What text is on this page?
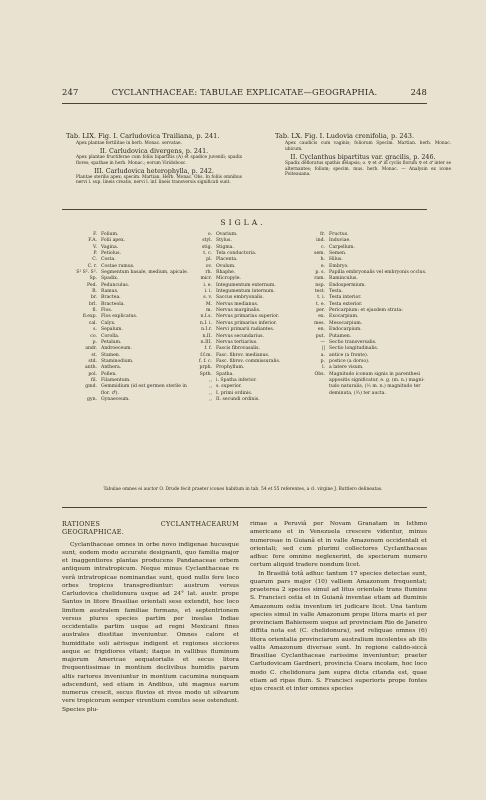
247	CYCLANTHACEAE: TABULAE EXPLICATAE—GEOGRAPHIA.	248
Tab. LIX. Fig. I. Carludovica Trailiana, p. 241.
Apex plantae fertilitae in herb. Monac. servatae.
II. Carludovica divergens, p. 241.
Apex plantae fructiferae cum foliis bipartitis (A) et spadice juvenili; spadix flores; spathae in herb. Monac.; eorum Viridobosc.
III. Carludovica heterophylla, p. 242.
Plantae sterilis apex; specim. Martian. Herb. Monac. Obs. In foliis omnibus nervi l. sup. lineis creatis, nervi l. inf. lineis transversis significati sunt.
Tab. LX. Fig. I. Ludovia crenifolia, p. 243.
Apex caudicis cum vaginis; foliorum Specim. Martian. herb. Monac. ubicum.
II. Cyclanthus bipartitus var. gracilis, p. 246.
Spadix defloratus spathis delapsis; o. ♀ et ♂ in cyclis florum ♀ et ♂ inter se alternantes; folium; specim. mus. herb. Monac. — Analysin ex icone Poiteauana.
SIGLA.
F. Folium.
F.A. Folii apex.
V. Vagina.
P. Petiolus.
C. Costa.
C. r. Costae ramus.
S¹ S². S³. Segmentum basale, medium, apicale.
Sp. Spadix.
Ped. Pedunculus.
R. Ramus.
br. Bractea.
brl. Bracteola.
fl. Flos.
fl.exp. Flos explicatus.
cal. Calyx.
s. Sepalum.
co. Corolla.
p. Petalum.
andr. Androeceum.
st. Stamen.
std. Staminodium.
anth. Anthera.
pol. Pollen.
fil. Filamentum.
gmd. Gemmidium (id est germen sterile in
flor. ♂).
gyn. Gynaeceum.
o. Ovarium.
styl. Stylus.
stig. Stigma.
t. c. Tela conductoria.
pl. Placenta.
ov. Ovulum.
rh. Rhaphe.
micr. Micropyle.
i. e. Integumentum externum.
i. i. Integumentum internum.
s. v. Saccus embryonalis.
M. Nervus medianus.
m. Nervus marginalis.
n.I.s. Nervus primarius superior.
n.I. i. Nervus primarius inferior.
n.I.r. Nervi primarii radiantes.
n.II. Nervus secundarius.
n.III. Nervus tertiarius.
f. f. Fascis fibrovasalis.
f.f.m. Fasc. fibrov. medianus.
f. f. c. Fasc. fibrov. commissuralis.
prph. Prophyllum.
Spth. Spatha.
,, i. Spatha inferior.
,, s. superior.
,, I. primi ordinis.
,, II. secundi ordinis.
fr. Fructus.
ind. Induviae.
c. Carpellum.
sem. Semen.
h. Hilus.
e. Embryo.
p. s. Papilla embryonalis vel embryonis occlus.
ram. Raminculus.
nsp. Endospermium.
test. Testa.
t. i. Testa interior.
t. e. Testa exterior.
per. Pericarpium: et ejusdem strata:
ex. Exocarpium.
mes. Mesocarpium.
en. Endocarpium.
put. Putamen.
— Sectio transversalis.
|| Sectio longitudinalis.
a. antice (a fronte).
p. postice (a dorso).
l. a latere visum.
Obs. Magnitudo iconum signis in parenthesi
appositis significatur, e. g. (m. n.) magni-
tudo naturalis, (⅓ m. n.) magnitudo ter
deminuta, (³⁄₁) ter aucta.
Tabulae omnes ei auctor O. Drude fecit praeter icones habitum in tab. 54 et 55 referentes, a cl. virgine J. Buttlero delineatas.

RATIONES CYCLANTHACEARUM GEOGRAPHICAE.

Cyclanthaceae omnes in orbe novo indigenae hucusque sunt, eodem modo accurate designanti, quo familia major et inaggentiores plantas producens Pandanaceae orbem antiquum intratropicum. Neque minus Cyclanthaceae re verâ intratropicae nominandae sunt, quod nullo fere loco orbes tropicos transgrediuntur: austrum versus Carludovica chelidonura usque ad 24° lat. austr. prope Santos in litore Brasiliae orientali sese extendit, hoc loco limitem australem familiae formans, et septentrionem versus plures species partim per insulas Indiae occidentalis partim usque ad regni Mexicani fines australes disstitae inveniuntur. Omnes calore et humiditate soli aërisque indigent et regiones sicciores aeque ac frigidiores vitant; itaque in vallibus fluminum majorum Americae aequatorialis et secus litora frequentissimae in montium declivibus humidis parum altis rariores inveniuntur in montium cacumina nunquam adscendunt, sed etiam in Andibus, ubi magnus earum numerus crescit, secus fluvios et rivos modo ut silvarum vere tropicorum semper virentium comites sese ostendunt. Species plu-

rimae a Peruviâ per Novam Granatam in Isthmo americano et in Venezuela crescere videntur, minus numerosae in Guianâ et in valle Amazonum occidentali et orientali; sed cum plurimi collectores Cyclanthaceas adhuc fere omnino neglexerint, de specierum numero certum aliquid tradere nondum licet.

In Brasiliâ totâ adhuc tantum 17 species detectae sunt, quarum pars major (10) valliem Amazonum frequentat; praeterea 2 species simul ad litus orientale trans flumine S. Francisci ostia et in Guianâ inventae etiam ad fluminis Amazonum ostia inventum iri judicare licet. Una tantum species simul in valle Amazonum prope litora maris et per provinciam Bahiensem usque ad provinciam Rio de Janeiro diffita nota est (C. chelidonura), sed reliquae omnes (6) litora orientalia provinciarum australium incolentes ab ilis vallis Amazonum diversae sunt. In regione calido-siccâ Brasiliae Cyclanthaceae rarissime inveniuntur; praeter Carludovicam Gardneri, provincia Ceara incolam, hoc loco modo C. chelidonura jam supra dicta citanda est, quae etiam ad ripas flum. S. Francisci superioris prope fontes ejus crescit et inter omnes species
